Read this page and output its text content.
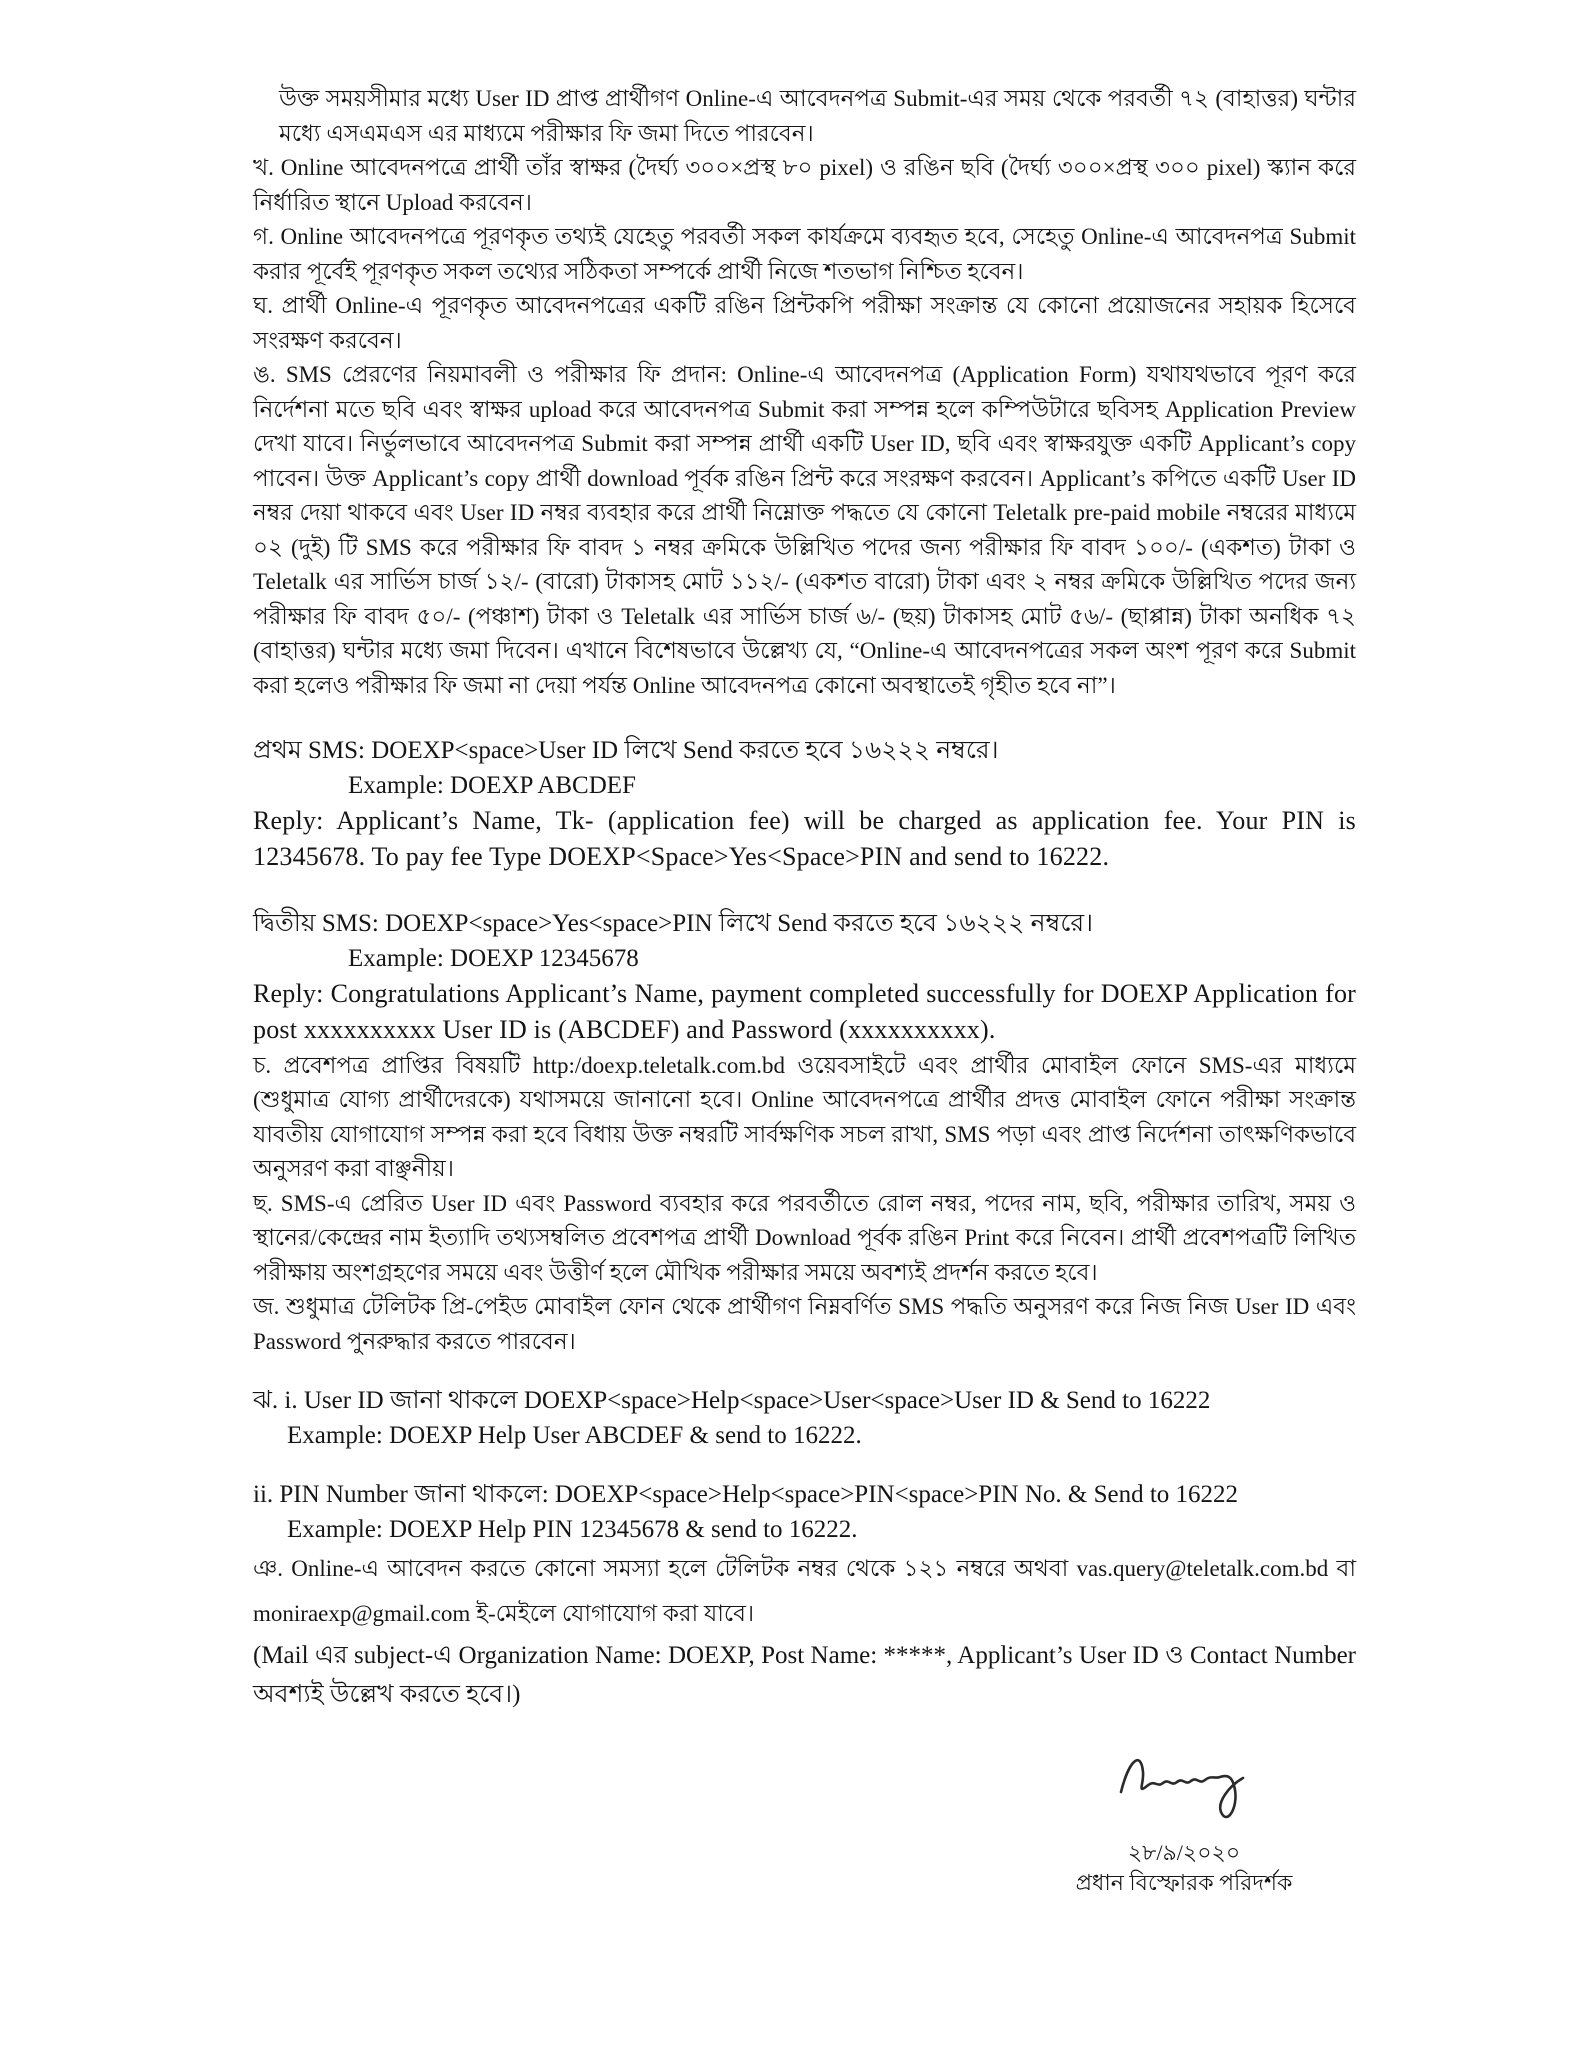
উক্ত সময়সীমার মধ্যে User ID প্রাপ্ত প্রার্থীগণ Online-এ আবেদনপত্র Submit-এর সময় থেকে পরবর্তী ৭২ (বাহাত্তর) ঘন্টার মধ্যে এসএমএস এর মাধ্যমে পরীক্ষার ফি জমা দিতে পারবেন।

খ. Online আবেদনপত্রে প্রার্থী তাঁর স্বাক্ষর (দৈর্ঘ্য ৩০০×প্রস্থ ৮০ pixel) ও রঙিন ছবি (দৈর্ঘ্য ৩০০×প্রস্থ ৩০০ pixel) স্ক্যান করে নির্ধারিত স্থানে Upload করবেন।

গ. Online আবেদনপত্রে পূরণকৃত তথ্যই যেহেতু পরবর্তী সকল কার্যক্রমে ব্যবহৃত হবে, সেহেতু Online-এ আবেদনপত্র Submit করার পূর্বেই পূরণকৃত সকল তথ্যের সঠিকতা সম্পর্কে প্রার্থী নিজে শতভাগ নিশ্চিত হবেন।

ঘ. প্রার্থী Online-এ পূরণকৃত আবেদনপত্রের একটি রঙিন প্রিন্টকপি পরীক্ষা সংক্রান্ত যে কোনো প্রয়োজনের সহায়ক হিসেবে সংরক্ষণ করবেন।

ঙ. SMS প্রেরণের নিয়মাবলী ও পরীক্ষার ফি প্রদান: Online-এ আবেদনপত্র (Application Form) যথাযথভাবে পূরণ করে নির্দেশনা মতে ছবি এবং স্বাক্ষর upload করে আবেদনপত্র Submit করা সম্পন্ন হলে কম্পিউটারে ছবিসহ Application Preview দেখা যাবে। নির্ভুলভাবে আবেদনপত্র Submit করা সম্পন্ন প্রার্থী একটি User ID, ছবি এবং স্বাক্ষরযুক্ত একটি Applicant’s copy পাবেন। উক্ত Applicant’s copy প্রার্থী download পূর্বক রঙিন প্রিন্ট করে সংরক্ষণ করবেন। Applicant’s কপিতে একটি User ID নম্বর দেয়া থাকবে এবং User ID নম্বর ব্যবহার করে প্রার্থী নিম্নোক্ত পদ্ধতে যে কোনো Teletalk pre-paid mobile নম্বরের মাধ্যমে ০২ (দুই) টি SMS করে পরীক্ষার ফি বাবদ ১ নম্বর ক্রমিকে উল্লিখিত পদের জন্য পরীক্ষার ফি বাবদ ১০০/- (একশত) টাকা ও Teletalk এর সার্ভিস চার্জ ১২/- (বারো) টাকাসহ মোট ১১২/- (একশত বারো) টাকা এবং ২ নম্বর ক্রমিকে উল্লিখিত পদের জন্য পরীক্ষার ফি বাবদ ৫০/- (পঞ্চাশ) টাকা ও Teletalk এর সার্ভিস চার্জ ৬/- (ছয়) টাকাসহ মোট ৫৬/- (ছাপ্পান্ন) টাকা অনধিক ৭২ (বাহাত্তর) ঘন্টার মধ্যে জমা দিবেন। এখানে বিশেষভাবে উল্লেখ্য যে, “Online-এ আবেদনপত্রের সকল অংশ পূরণ করে Submit করা হলেও পরীক্ষার ফি জমা না দেয়া পর্যন্ত Online আবেদনপত্র কোনো অবস্থাতেই গৃহীত হবে না”।

প্রথম SMS: DOEXP<space>User ID লিখে Send করতে হবে ১৬২২২ নম্বরে।

Example: DOEXP ABCDEF

Reply: Applicant’s Name, Tk- (application fee) will be charged as application fee. Your PIN is 12345678. To pay fee Type DOEXP<Space>Yes<Space>PIN and send to 16222.

দ্বিতীয় SMS: DOEXP<space>Yes<space>PIN লিখে Send করতে হবে ১৬২২২ নম্বরে।

Example: DOEXP 12345678

Reply: Congratulations Applicant’s Name, payment completed successfully for DOEXP Application for post xxxxxxxxxx User ID is (ABCDEF) and Password (xxxxxxxxxx).

চ. প্রবেশপত্র প্রাপ্তির বিষয়টি http:/doexp.teletalk.com.bd ওয়েবসাইটে এবং প্রার্থীর মোবাইল ফোনে SMS-এর মাধ্যমে (শুধুমাত্র যোগ্য প্রার্থীদেরকে) যথাসময়ে জানানো হবে। Online আবেদনপত্রে প্রার্থীর প্রদত্ত মোবাইল ফোনে পরীক্ষা সংক্রান্ত যাবতীয় যোগাযোগ সম্পন্ন করা হবে বিধায় উক্ত নম্বরটি সার্বক্ষণিক সচল রাখা, SMS পড়া এবং প্রাপ্ত নির্দেশনা তাৎক্ষণিকভাবে অনুসরণ করা বাঞ্ছনীয়।

ছ. SMS-এ প্রেরিত User ID এবং Password ব্যবহার করে পরবর্তীতে রোল নম্বর, পদের নাম, ছবি, পরীক্ষার তারিখ, সময় ও স্থানের/কেন্দ্রের নাম ইত্যাদি তথ্যসম্বলিত প্রবেশপত্র প্রার্থী Download পূর্বক রঙিন Print করে নিবেন। প্রার্থী প্রবেশপত্রটি লিখিত পরীক্ষায় অংশগ্রহণের সময়ে এবং উত্তীর্ণ হলে মৌখিক পরীক্ষার সময়ে অবশ্যই প্রদর্শন করতে হবে।

জ. শুধুমাত্র টেলিটক প্রি-পেইড মোবাইল ফোন থেকে প্রার্থীগণ নিম্নবর্ণিত SMS পদ্ধতি অনুসরণ করে নিজ নিজ User ID এবং Password পুনরুদ্ধার করতে পারবেন।

ঝ. i. User ID জানা থাকলে DOEXP<space>Help<space>User<space>User ID & Send to 16222

Example: DOEXP Help User ABCDEF & send to 16222.

ii. PIN Number জানা থাকলে: DOEXP<space>Help<space>PIN<space>PIN No. & Send to 16222

Example: DOEXP Help PIN 12345678 & send to 16222.

ঞ. Online-এ আবেদন করতে কোনো সমস্যা হলে টেলিটক নম্বর থেকে ১২১ নম্বরে অথবা vas.query@teletalk.com.bd বা moniraexp@gmail.com ই-মেইলে যোগাযোগ করা যাবে।

(Mail এর subject-এ Organization Name: DOEXP, Post Name: *****, Applicant’s User ID ও Contact Number অবশ্যই উল্লেখ করতে হবে।)

২৮/৯/২০২০
প্রধান বিস্ফোরক পরিদর্শক
